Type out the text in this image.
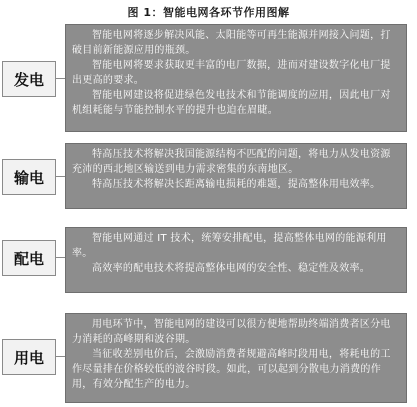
图 1：智能电网各环节作用图解
发电

智能电网将逐步解决风能、太阳能等可再生能源并网接入问题，打破目前新能源应用的瓶颈。

智能电网将要求获取更丰富的电厂数据，进而对建设数字化电厂提出更高的要求。

智能电网建设将促进绿色发电技术和节能调度的应用，因此电厂对机组耗能与节能控制水平的提升也迫在眉睫。

输电

特高压技术将解决我国能源结构不匹配的问题，将电力从发电资源充沛的西北地区输送到电力需求密集的东南地区。

特高压技术将解决长距离输电损耗的难题，提高整体用电效率。

配电

智能电网通过 IT 技术，统筹安排配电，提高整体电网的能源利用率。

高效率的配电技术将提高整体电网的安全性、稳定性及效率。

用电

用电环节中，智能电网的建设可以很方便地帮助终端消费者区分电力消耗的高峰期和波谷期。

当征收差别电价后，会激励消费者规避高峰时段用电，将耗电的工作尽量排在价格较低的波谷时段。如此，可以起到分散电力消费的作用，有效分配生产的电力。
